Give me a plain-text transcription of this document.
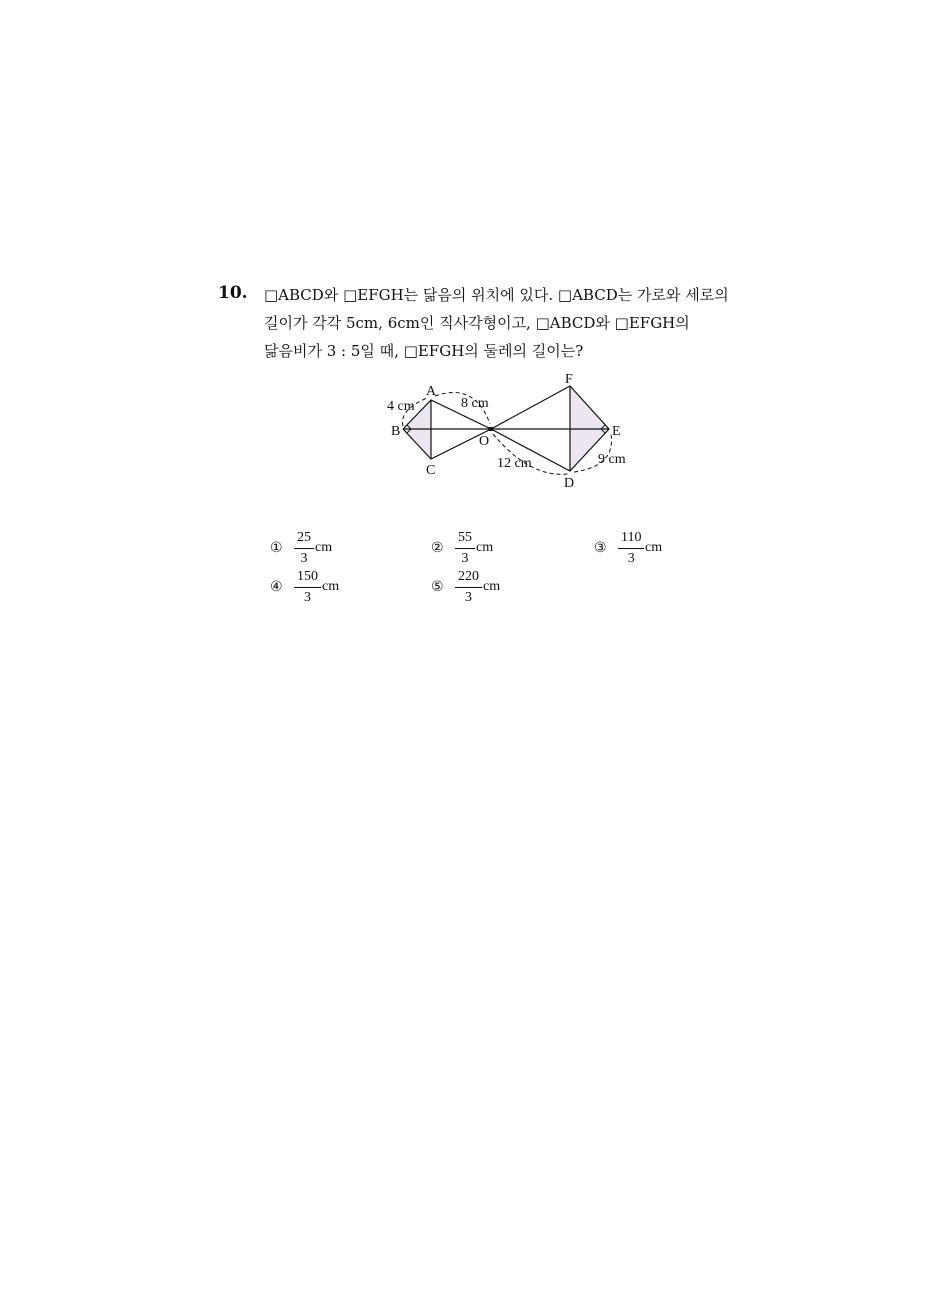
10. □ABCD와 □EFGH는 닮음의 위치에 있다. □ABCD는 가로와 세로의
길이가 각각 5cm, 6cm인 직사각형이고, □ABCD와 □EFGH의
닮음비가 3 : 5일 때, □EFGH의 둘레의 길이는?
A
B
C
O
F
E
D
4 cm	8 cm
12 cm	9 cm
① $\frac{25}{3}$ cm	② $\frac{55}{3}$ cm	③ $\frac{110}{3}$ cm
④ $\frac{150}{3}$ cm	⑤ $\frac{220}{3}$ cm
